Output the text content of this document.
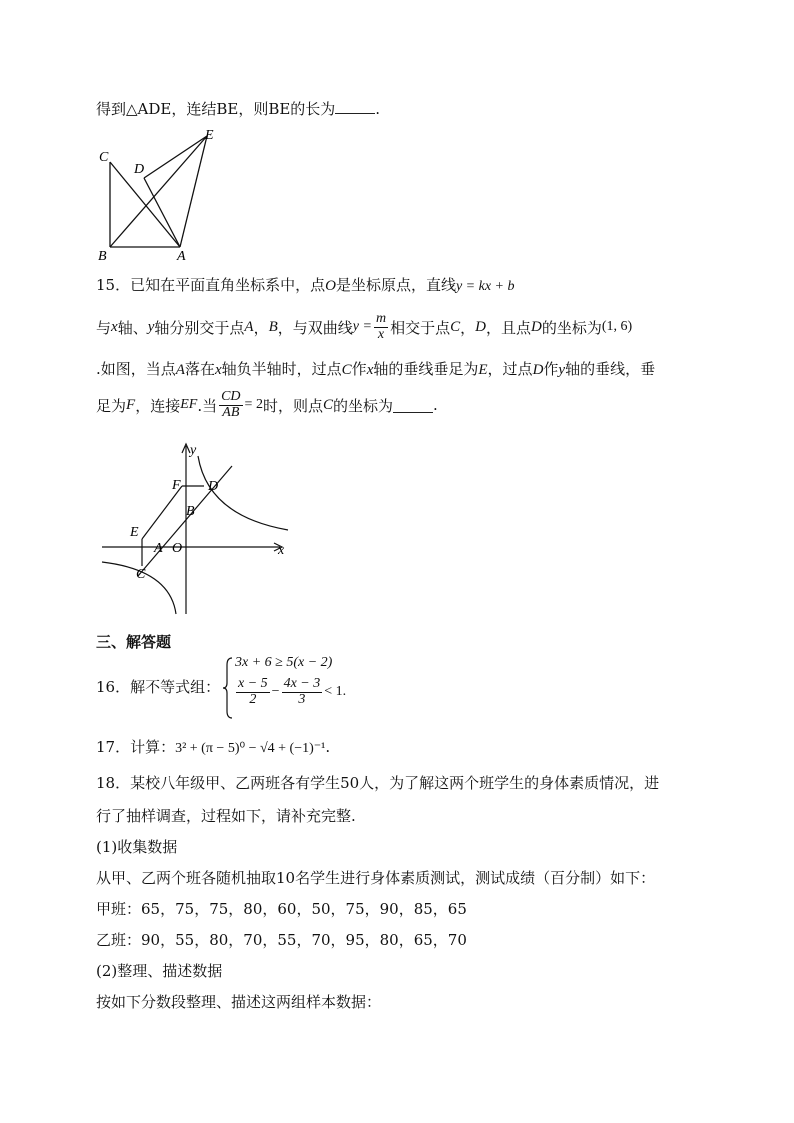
得到△ADE，连结BE，则BE的长为	.
C
D
E
B	A
15．已知在平面直角坐标系中，点O是坐标原点，直线y = kx + b
与 x 轴、 y 轴分别交于点 A ， B ，与双曲线 $y = \frac{m}{x}$ 相交于点 C ， D ，且点 D 的坐标为 (1, 6)
.如图，当点A落在x轴负半轴时，过点C作x轴的垂线垂足为E，过点D作y轴的垂线，垂
足为 F ，连接 EF .当 $\frac{CD}{AB} = 2$ 时，则点 C 的坐标为	.
y
x
F D
B
E
A O
C
三、解答题
16．解不等式组：
3x + 6 ≥ 5(x − 2)
$\frac{x - 5}{2} - \frac{4x - 3}{3} < 1$ .
17．计算：3² + (π − 5)⁰ − √4 + (−1)⁻¹.
18．某校八年级甲、乙两班各有学生50人，为了解这两个班学生的身体素质情况，进
行了抽样调查，过程如下，请补充完整.
(1)收集数据
从甲、乙两个班各随机抽取10名学生进行身体素质测试，测试成绩（百分制）如下：
甲班：65，75，75，80，60，50，75，90，85，65
乙班：90，55，80，70，55，70，95，80，65，70
(2)整理、描述数据
按如下分数段整理、描述这两组样本数据：
